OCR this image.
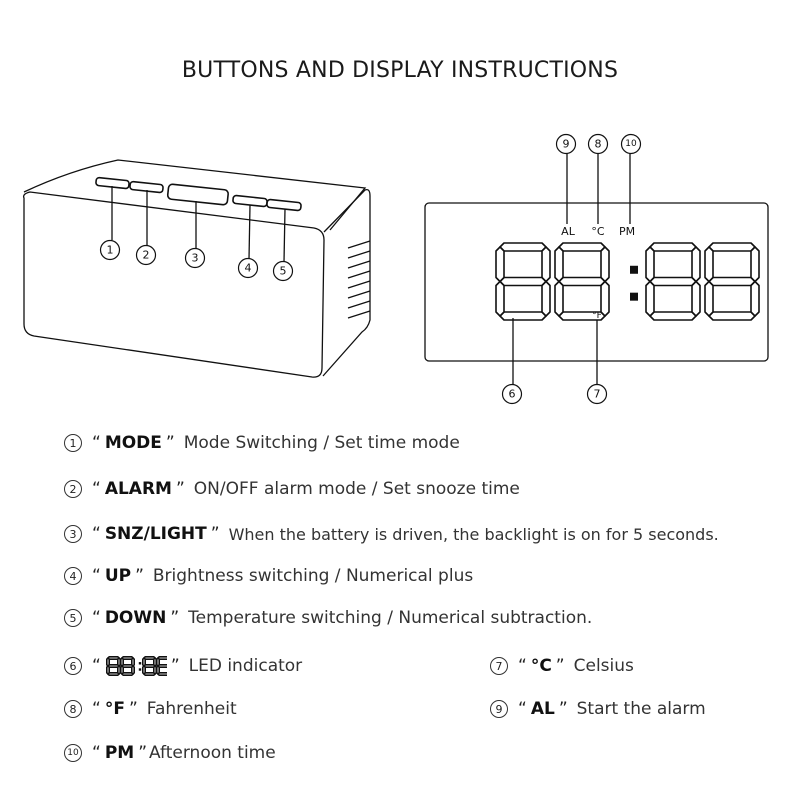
BUTTONS AND DISPLAY INSTRUCTIONS
1	2	3
4	5
AL °C PM
°F
9 8	10
6	7
1 “ MODE ” Mode Switching / Set time mode
2 “ ALARM ” ON/OFF alarm mode / Set snooze time
3 “ SNZ/LIGHT ” When the battery is driven, the backlight is on for 5 seconds.
4 “ UP ” Brightness switching / Numerical plus
5 “ DOWN ” Temperature switching / Numerical subtraction.
6 “	” LED indicator	7 “ °C ” Celsius
8 “ °F ” Fahrenheit	9 “ AL ” Start the alarm
10 “ PM ” Afternoon time
